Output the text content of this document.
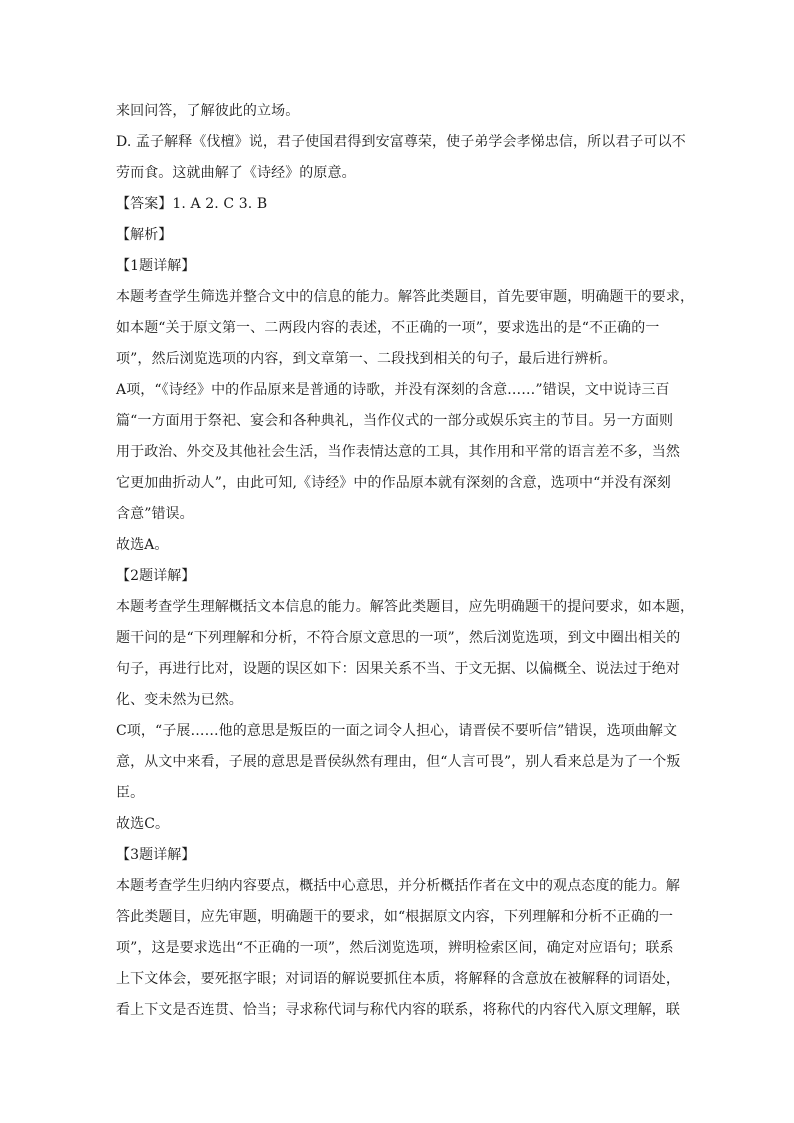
来回问答，了解彼此的立场。
D. 孟子解释《伐檀》说，君子使国君得到安富尊荣，使子弟学会孝悌忠信，所以君子可以不
劳而食。这就曲解了《诗经》的原意。
【答案】1. A 2. C 3. B
【解析】
【1题详解】
本题考查学生筛选并整合文中的信息的能力。解答此类题目，首先要审题，明确题干的要求，
如本题“关于原文第一、二两段内容的表述，不正确的一项”，要求选出的是“不正确的一
项”，然后浏览选项的内容，到文章第一、二段找到相关的句子，最后进行辨析。
A项，“《诗经》中的作品原来是普通的诗歌，并没有深刻的含意……”错误，文中说诗三百
篇“一方面用于祭祀、宴会和各种典礼，当作仪式的一部分或娱乐宾主的节目。另一方面则
用于政治、外交及其他社会生活，当作表情达意的工具，其作用和平常的语言差不多，当然
它更加曲折动人”，由此可知,《诗经》中的作品原本就有深刻的含意，选项中“并没有深刻
含意”错误。
故选A。
【2题详解】
本题考查学生理解概括文本信息的能力。解答此类题目，应先明确题干的提问要求，如本题，
题干问的是“下列理解和分析，不符合原文意思的一项”，然后浏览选项，到文中圈出相关的
句子，再进行比对，设题的误区如下：因果关系不当、于文无据、以偏概全、说法过于绝对
化、变未然为已然。
C项，“子展……他的意思是叛臣的一面之词令人担心，请晋侯不要听信”错误，选项曲解文
意，从文中来看，子展的意思是晋侯纵然有理由，但“人言可畏”，别人看来总是为了一个叛
臣。
故选C。
【3题详解】
本题考查学生归纳内容要点，概括中心意思，并分析概括作者在文中的观点态度的能力。解
答此类题目，应先审题，明确题干的要求，如“根据原文内容，下列理解和分析不正确的一
项”，这是要求选出“不正确的一项”，然后浏览选项，辨明检索区间，确定对应语句；联系
上下文体会，要死抠字眼；对词语的解说要抓住本质，将解释的含意放在被解释的词语处，
看上下文是否连贯、恰当；寻求称代词与称代内容的联系，将称代的内容代入原文理解，联
